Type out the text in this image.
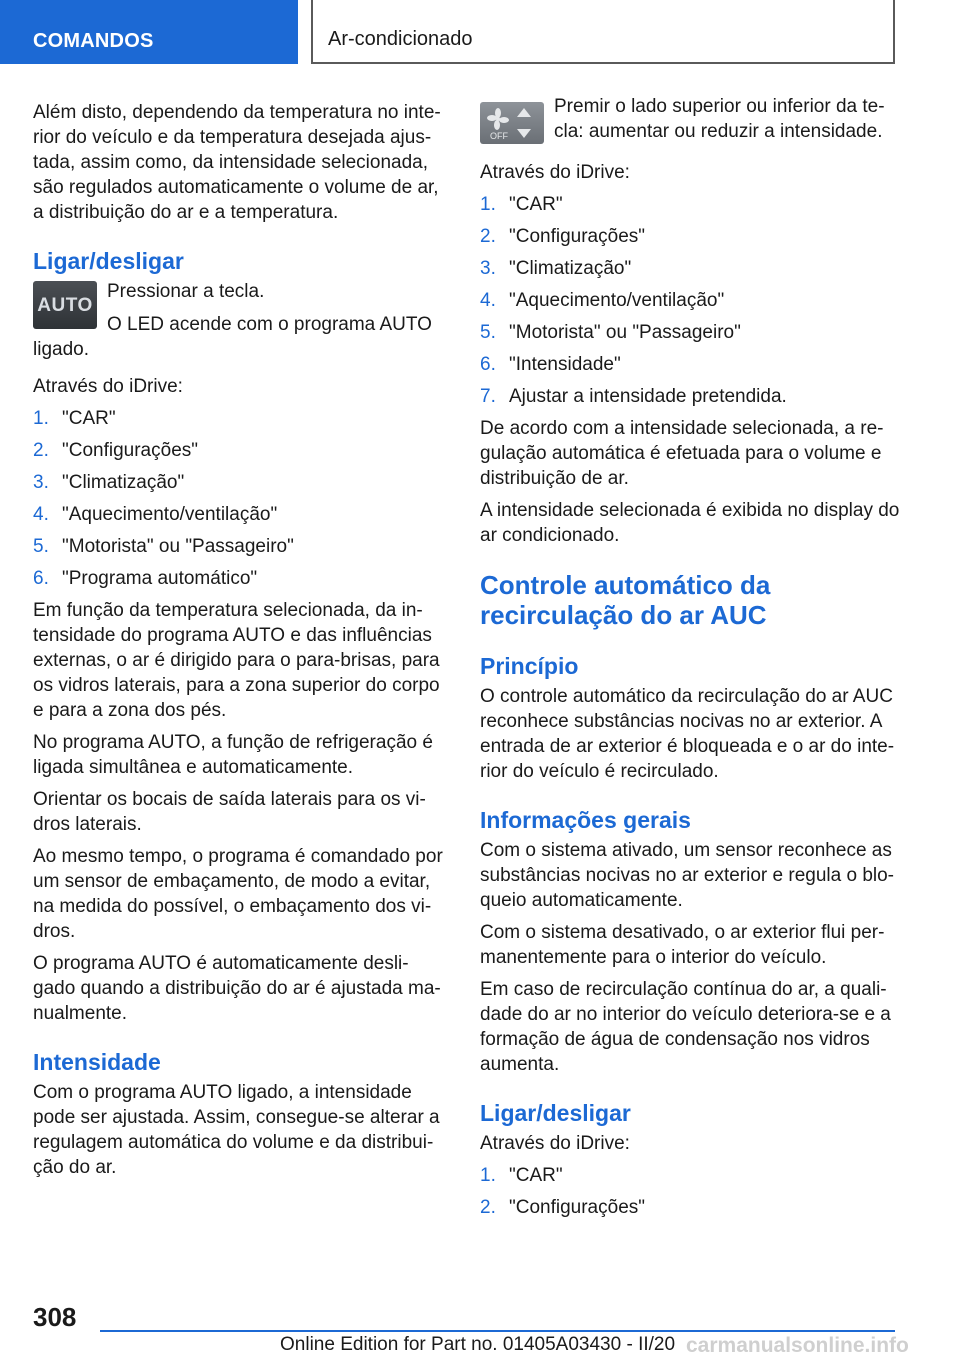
COMANDOS	Ar-condicionado

Além disto, dependendo da temperatura no inte-rior do veículo e da temperatura desejada ajus-tada, assim como, da intensidade selecionada, são regulados automaticamente o volume de ar, a distribuição do ar e a temperatura.

Ligar/desligar
AUTO
Pressionar a tecla.

O LED acende com o programa AUTO ligado.

Através do iDrive:

1. "CAR"
2. "Configurações"
3. "Climatização"
4. "Aquecimento/ventilação"
5. "Motorista" ou "Passageiro"
6. "Programa automático"

Em função da temperatura selecionada, da in-tensidade do programa AUTO e das influências externas, o ar é dirigido para o para-brisas, para os vidros laterais, para a zona superior do corpo e para a zona dos pés.

No programa AUTO, a função de refrigeração é ligada simultânea e automaticamente.

Orientar os bocais de saída laterais para os vi-dros laterais.

Ao mesmo tempo, o programa é comandado por um sensor de embaçamento, de modo a evitar, na medida do possível, o embaçamento dos vi-dros.

O programa AUTO é automaticamente desli-gado quando a distribuição do ar é ajustada ma-nualmente.

Intensidade

Com o programa AUTO ligado, a intensidade pode ser ajustada. Assim, consegue-se alterar a regulagem automática do volume e da distribui-ção do ar.

OFF
Premir o lado superior ou inferior da te-cla: aumentar ou reduzir a intensidade.

Através do iDrive:

1. "CAR"
2. "Configurações"
3. "Climatização"
4. "Aquecimento/ventilação"
5. "Motorista" ou "Passageiro"
6. "Intensidade"
7. Ajustar a intensidade pretendida.

De acordo com a intensidade selecionada, a re-gulação automática é efetuada para o volume e distribuição de ar.

A intensidade selecionada é exibida no display do ar condicionado.

Controle automático da recirculação do ar AUC
Princípio

O controle automático da recirculação do ar AUC reconhece substâncias nocivas no ar exterior. A entrada de ar exterior é bloqueada e o ar do inte-rior do veículo é recirculado.

Informações gerais

Com o sistema ativado, um sensor reconhece as substâncias nocivas no ar exterior e regula o blo-queio automaticamente.

Com o sistema desativado, o ar exterior flui per-manentemente para o interior do veículo.

Em caso de recirculação contínua do ar, a quali-dade do ar no interior do veículo deteriora-se e a formação de água de condensação nos vidros aumenta.

Ligar/desligar

Através do iDrive:

1. "CAR"
2. "Configurações"
308
Online Edition for Part no. 01405A03430 - II/20 carmanualsonline.info
